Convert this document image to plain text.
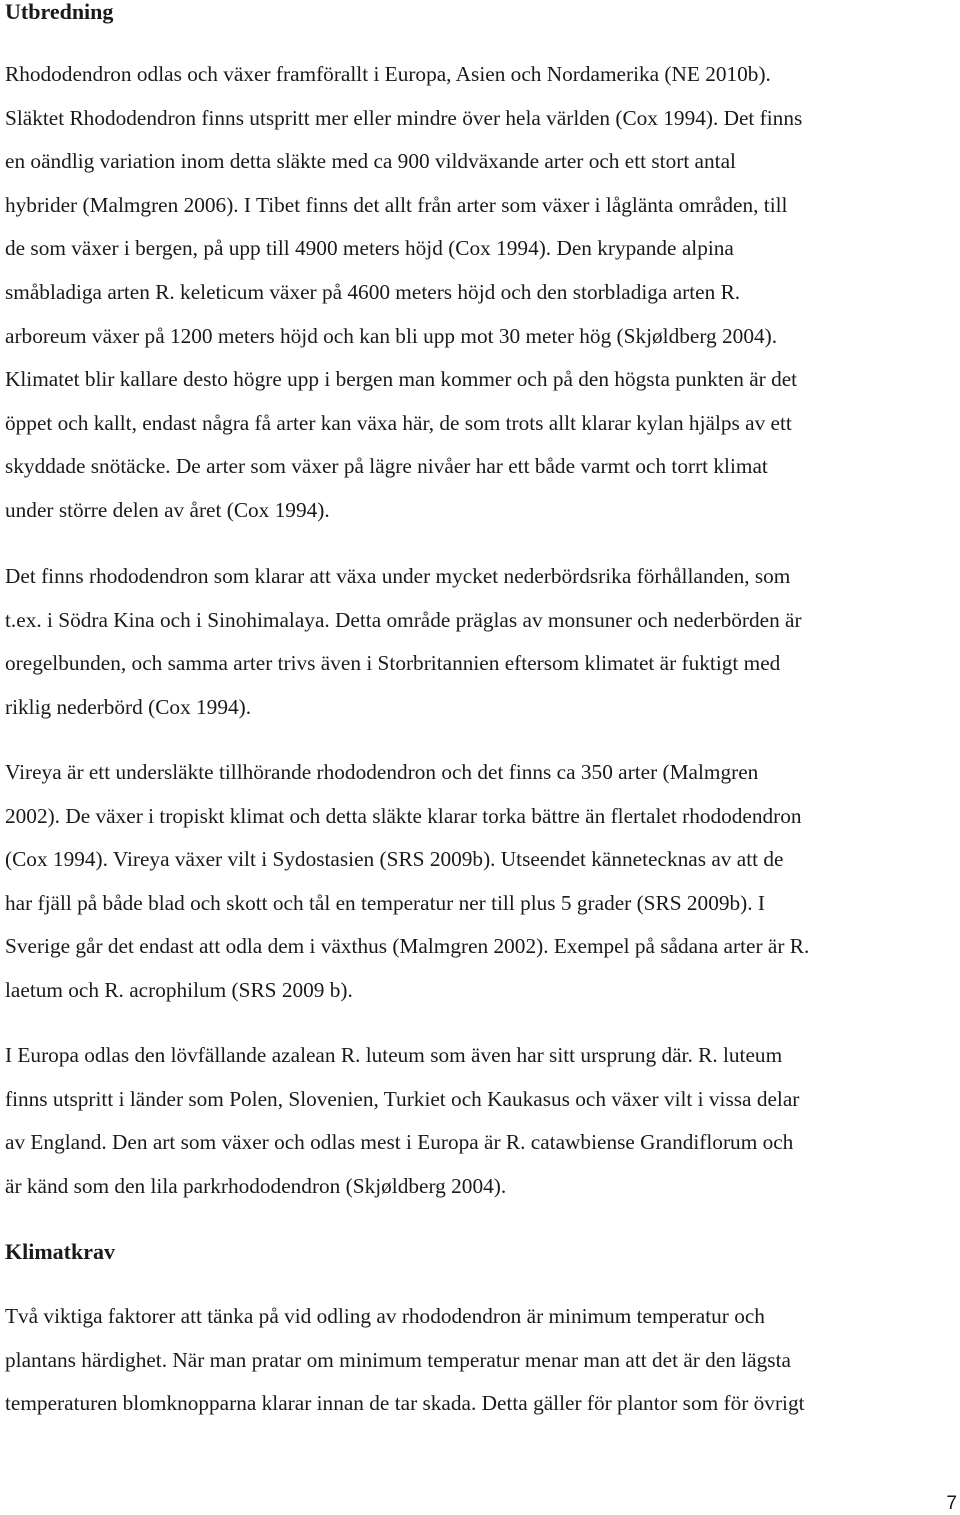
Utbredning

Rhododendron odlas och växer framförallt i Europa, Asien och Nordamerika (NE 2010b).
Släktet Rhododendron finns utspritt mer eller mindre över hela världen (Cox 1994). Det finns
en oändlig variation inom detta släkte med ca 900 vildväxande arter och ett stort antal
hybrider (Malmgren 2006). I Tibet finns det allt från arter som växer i låglänta områden, till
de som växer i bergen, på upp till 4900 meters höjd (Cox 1994). Den krypande alpina
småbladiga arten R. keleticum växer på 4600 meters höjd och den storbladiga arten R.
arboreum växer på 1200 meters höjd och kan bli upp mot 30 meter hög (Skjøldberg 2004).
Klimatet blir kallare desto högre upp i bergen man kommer och på den högsta punkten är det
öppet och kallt, endast några få arter kan växa här, de som trots allt klarar kylan hjälps av ett
skyddade snötäcke. De arter som växer på lägre nivåer har ett både varmt och torrt klimat
under större delen av året (Cox 1994).

Det finns rhododendron som klarar att växa under mycket nederbördsrika förhållanden, som
t.ex. i Södra Kina och i Sinohimalaya. Detta område präglas av monsuner och nederbörden är
oregelbunden, och samma arter trivs även i Storbritannien eftersom klimatet är fuktigt med
riklig nederbörd (Cox 1994).

Vireya är ett undersläkte tillhörande rhododendron och det finns ca 350 arter (Malmgren
2002). De växer i tropiskt klimat och detta släkte klarar torka bättre än flertalet rhododendron
(Cox 1994). Vireya växer vilt i Sydostasien (SRS 2009b). Utseendet kännetecknas av att de
har fjäll på både blad och skott och tål en temperatur ner till plus 5 grader (SRS 2009b). I
Sverige går det endast att odla dem i växthus (Malmgren 2002). Exempel på sådana arter är R.
laetum och R. acrophilum (SRS 2009 b).

I Europa odlas den lövfällande azalean R. luteum som även har sitt ursprung där. R. luteum
finns utspritt i länder som Polen, Slovenien, Turkiet och Kaukasus och växer vilt i vissa delar
av England. Den art som växer och odlas mest i Europa är R. catawbiense Grandiflorum och
är känd som den lila parkrhododendron (Skjøldberg 2004).

Klimatkrav

Två viktiga faktorer att tänka på vid odling av rhododendron är minimum temperatur och
plantans härdighet. När man pratar om minimum temperatur menar man att det är den lägsta
temperaturen blomknopparna klarar innan de tar skada. Detta gäller för plantor som för övrigt

7
